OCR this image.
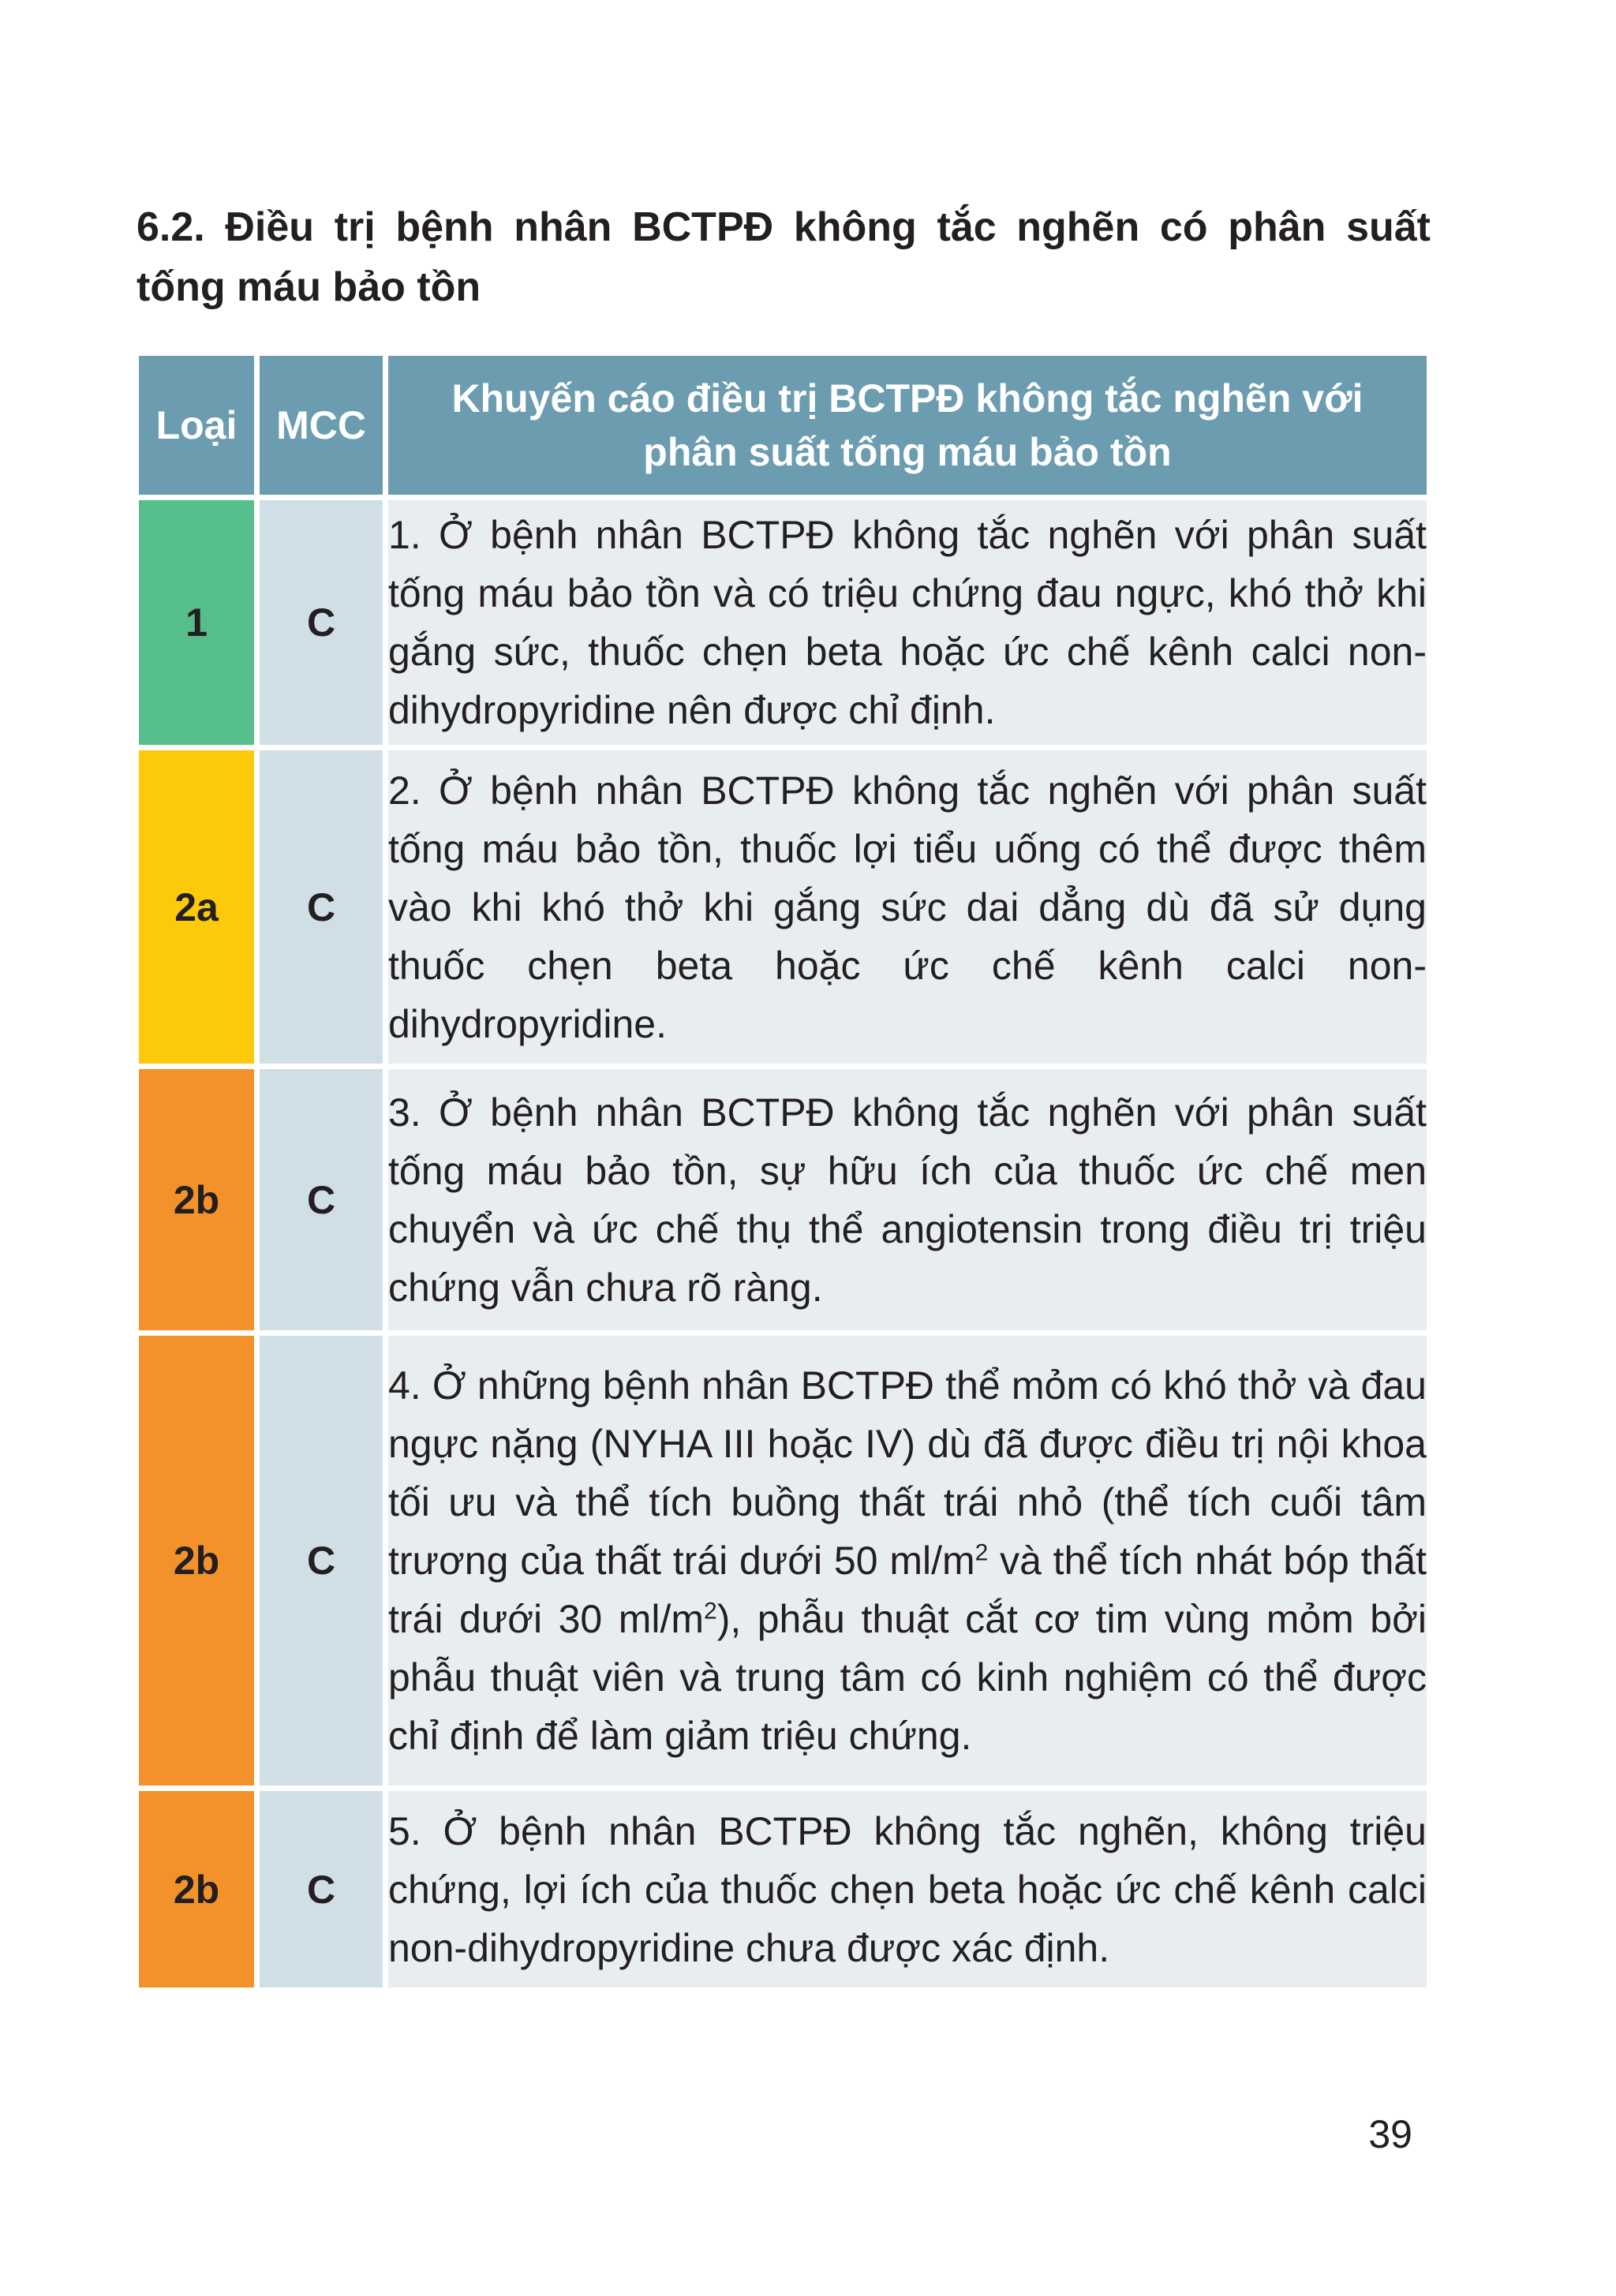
6.2. Điều trị bệnh nhân BCTPĐ không tắc nghẽn có phân suất tống máu bảo tồn
Loại	MCC	Khuyến cáo điều trị BCTPĐ không tắc nghẽn với phân suất tống máu bảo tồn
1	C	1. Ở bệnh nhân BCTPĐ không tắc nghẽn với phân suất tống máu bảo tồn và có triệu chứng đau ngực, khó thở khi gắng sức, thuốc chẹn beta hoặc ức chế kênh calci non-dihydropyridine nên được chỉ định.
2a	C	2. Ở bệnh nhân BCTPĐ không tắc nghẽn với phân suất tống máu bảo tồn, thuốc lợi tiểu uống có thể được thêm vào khi khó thở khi gắng sức dai dẳng dù đã sử dụng thuốc chẹn beta hoặc ức chế kênh calci non-dihydropyridine.
2b	C	3. Ở bệnh nhân BCTPĐ không tắc nghẽn với phân suất tống máu bảo tồn, sự hữu ích của thuốc ức chế men chuyển và ức chế thụ thể angiotensin trong điều trị triệu chứng vẫn chưa rõ ràng.
2b	C	4. Ở những bệnh nhân BCTPĐ thể mỏm có khó thở và đau ngực nặng (NYHA III hoặc IV) dù đã được điều trị nội khoa tối ưu và thể tích buồng thất trái nhỏ (thể tích cuối tâm trương của thất trái dưới 50 $ml/m^2$ và thể tích nhát bóp thất trái dưới 30 $ml/m^2$), phẫu thuật cắt cơ tim vùng mỏm bởi phẫu thuật viên và trung tâm có kinh nghiệm có thể được chỉ định để làm giảm triệu chứng.
2b	C	5. Ở bệnh nhân BCTPĐ không tắc nghẽn, không triệu chứng, lợi ích của thuốc chẹn beta hoặc ức chế kênh calci non-dihydropyridine chưa được xác định.
39
